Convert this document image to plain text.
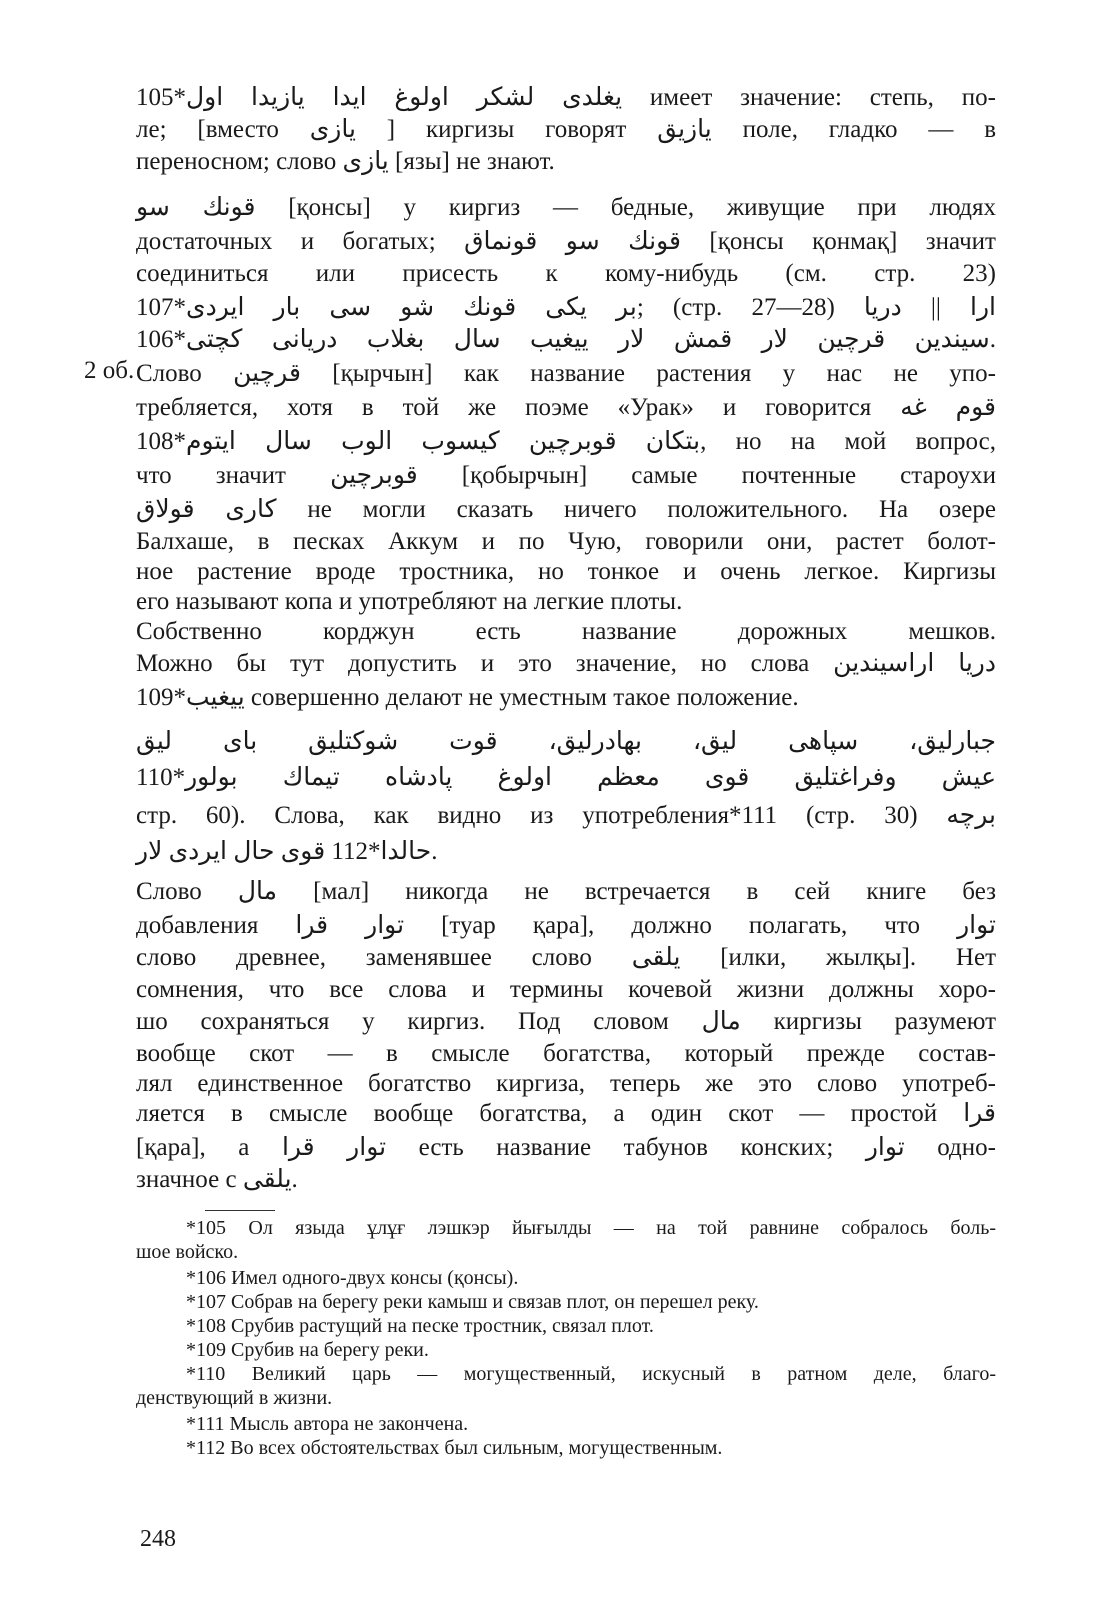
2 об.
يغلدى لشكر اولوغ ايدا يازيدا اول*105 имеет значение: степь, по-
ле; [вместо يازى ] киргизы говорят يازيق поле, гладко — в
переносном; слово يازى [язы] не знают.
قونك سو [қонсы] у киргиз — бедные, живущие при людях
достаточных и богатых; قونك سو قونماق [қонсы қонмақ] значит
соединиться или присесть к кому-нибудь (см. стр. 23)
بر يكى قونك شو سى بار ايردى*107; (стр. 27—28) ارا || دريا
سيندين قرچين لار قمش لار ييغيب سال بغلاب دريانى كچتى*106.
Слово قرچين [қырчын] как название растения у нас не упо-
требляется, хотя в той же поэме «Урак» и говорится قوم غه
بتكان قوبرچين كيسوب الوب سال ايتوم*108, но на мой вопрос,
что значит قوبرچين [қобырчын] самые почтенные староухи
كارى قولاق не могли сказать ничего положительного. На озере
Балхаше, в песках Аккум и по Чую, говорили они, растет болот-
ное растение вроде тростника, но тонкое и очень легкое. Киргизы
его называют копа и употребляют на легкие плоты.
Собственно корджун есть название дорожных мешков.
Можно бы тут допустить и это значение, но слова دريا اراسيندين
ييغيب*109 совершенно делают не уместным такое положение.
جبارليق، سپاهى ليق، بهادرليق، قوت شوكتليق باى ليق
عيش وفراغتليق قوى معظم اولوغ پادشاه تيماك بولور*110
стр. 60). Слова, как видно из употребления*111 (стр. 30) برچه
حالدا*112 قوى حال ايردى لار.
Слово مال [мал] никогда не встречается в сей книге без
добавления توار قرا [туар қара], должно полагать, что توار
слово древнее, заменявшее слово يلقى [илки, жылқы]. Нет
сомнения, что все слова и термины кочевой жизни должны хоро-
шо сохраняться у киргиз. Под словом مال киргизы разумеют
вообще скот — в смысле богатства, который прежде состав-
лял единственное богатство киргиза, теперь же это слово употреб-
ляется в смысле вообще богатства, а один скот — простой قرا
[қара], а توار قرا есть название табунов конских; توار одно-
значное с يلقى.
*105 Ол языда ұлұғ лэшкэр йығылды — на той равнине собралось боль-
шое войско.
*106 Имел одного-двух консы (қонсы).
*107 Собрав на берегу реки камыш и связав плот, он перешел реку.
*108 Срубив растущий на песке тростник, связал плот.
*109 Срубив на берегу реки.
*110 Великий царь — могущественный, искусный в ратном деле, благо-
денствующий в жизни.
*111 Мысль автора не закончена.
*112 Во всех обстоятельствах был сильным, могущественным.
248
